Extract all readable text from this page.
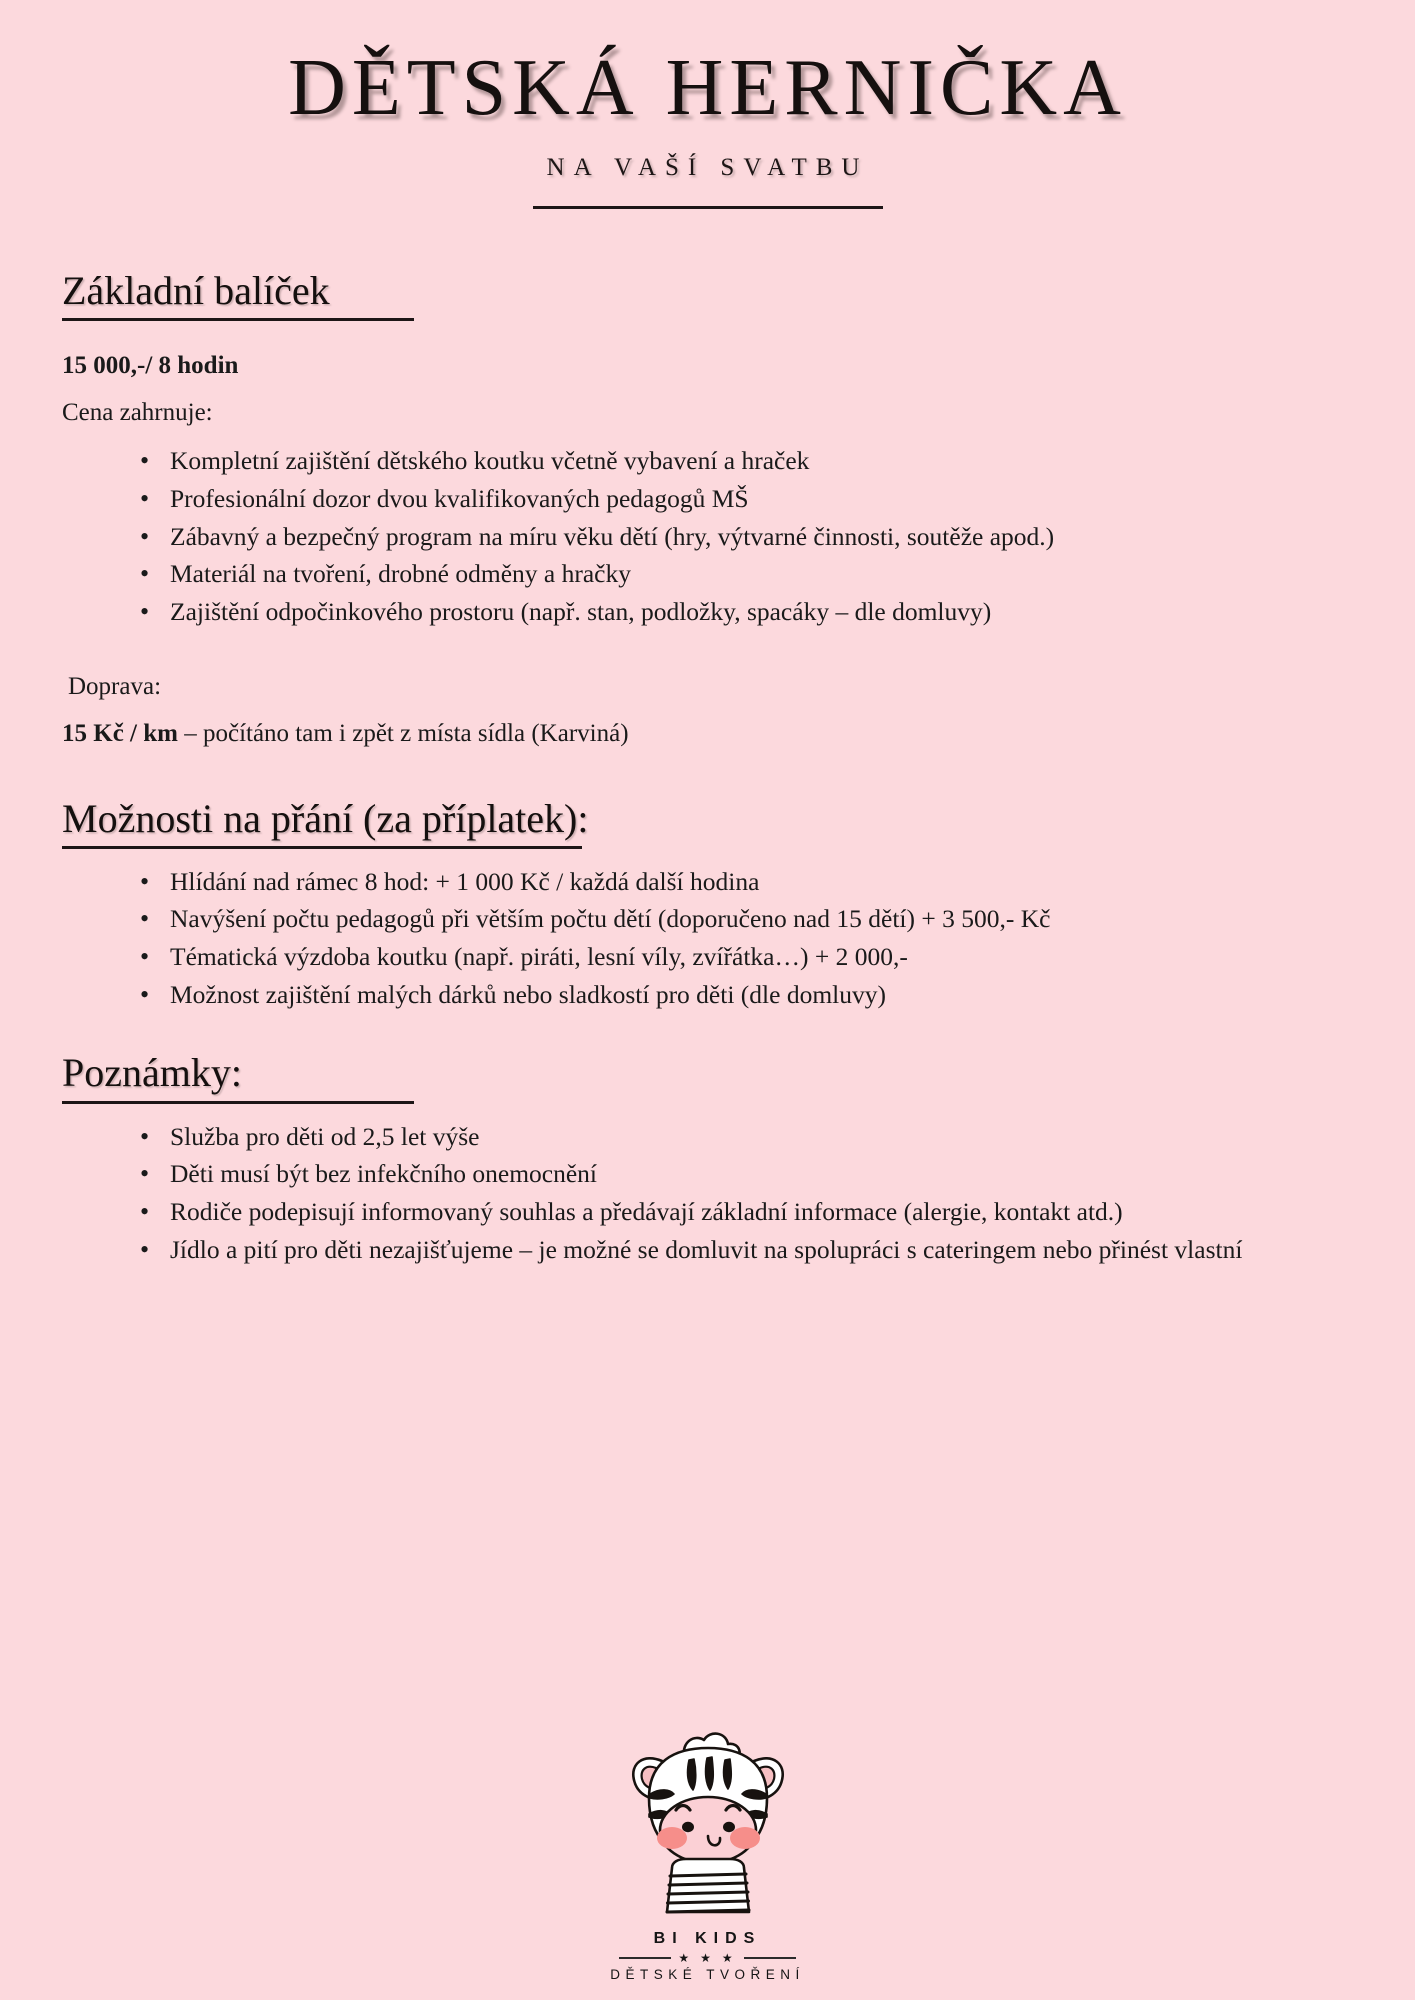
DĚTSKÁ HERNIČKA
NA VAŠÍ SVATBU
Základní balíček
15 000,-/ 8 hodin
Cena zahrnuje:
• Kompletní zajištění dětského koutku včetně vybavení a hraček
• Profesionální dozor dvou kvalifikovaných pedagogů MŠ
• Zábavný a bezpečný program na míru věku dětí (hry, výtvarné činnosti, soutěže apod.)
• Materiál na tvoření, drobné odměny a hračky
• Zajištění odpočinkového prostoru (např. stan, podložky, spacáky – dle domluvy)
Doprava:
15 Kč / km – počítáno tam i zpět z místa sídla (Karviná)
Možnosti na přání (za příplatek):
• Hlídání nad rámec 8 hod: + 1 000 Kč / každá další hodina
• Navýšení počtu pedagogů při větším počtu dětí (doporučeno nad 15 dětí) + 3 500,- Kč
• Tématická výzdoba koutku (např. piráti, lesní víly, zvířátka…) + 2 000,-
• Možnost zajištění malých dárků nebo sladkostí pro děti (dle domluvy)
Poznámky:
• Služba pro děti od 2,5 let výše
• Děti musí být bez infekčního onemocnění
• Rodiče podepisují informovaný souhlas a předávají základní informace (alergie, kontakt atd.)
• Jídlo a pití pro děti nezajišťujeme – je možné se domluvit na spolupráci s cateringem nebo přinést vlastní
BI KIDS
★ ★ ★
DĚTSKÉ TVOŘENÍ
